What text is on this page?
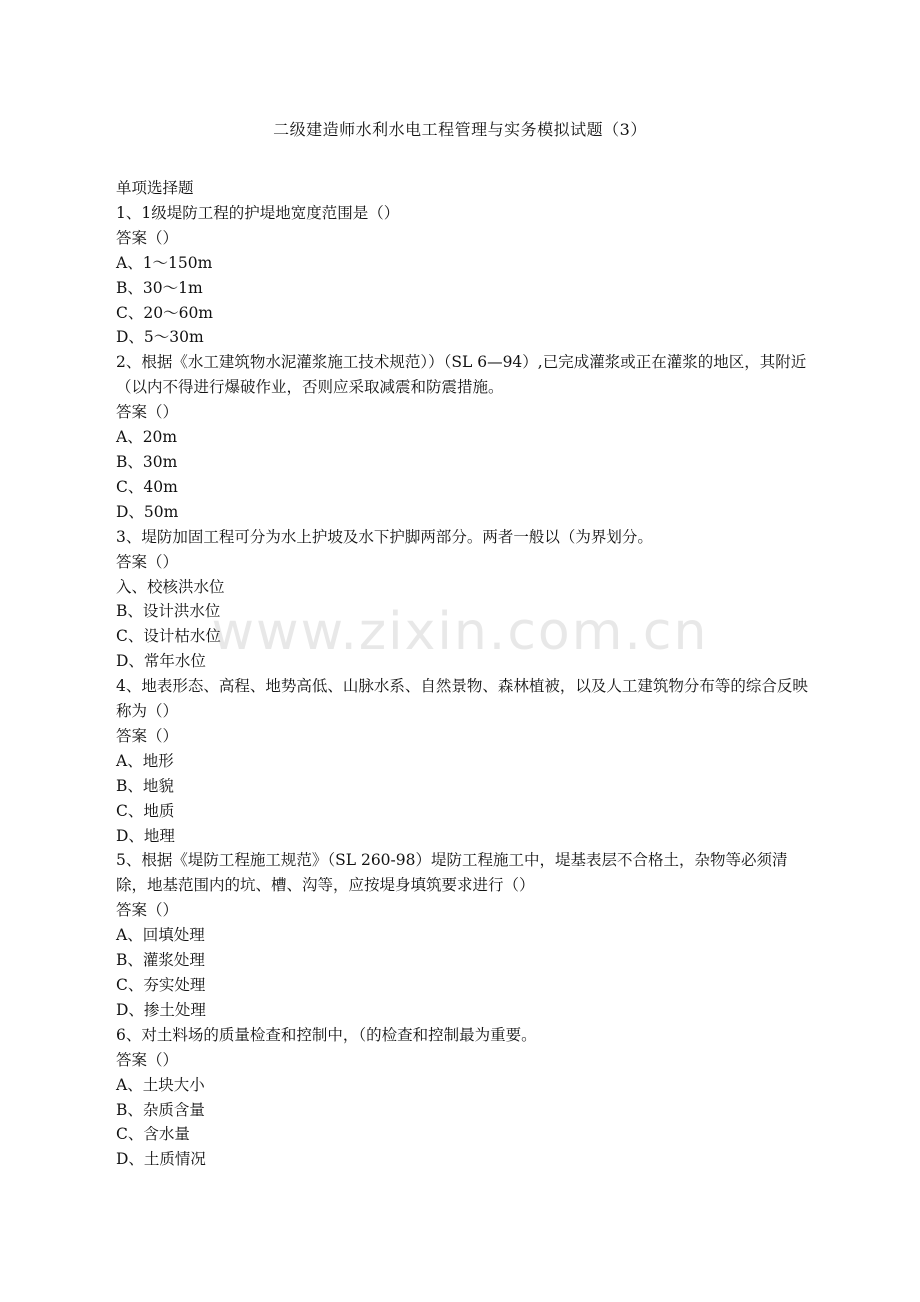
二级建造师水利水电工程管理与实务模拟试题（3）
单项选择题
1、1级堤防工程的护堤地宽度范围是（）
答案（）
A、1～150m
B、30～1m
C、20～60m
D、5～30m
2、根据《水工建筑物水泥灌浆施工技术规范））（SL 6—94）,已完成灌浆或正在灌浆的地区，其附近（以内不得进行爆破作业，否则应采取减震和防震措施。
答案（）
A、20m
B、30m
C、40m
D、50m
3、堤防加固工程可分为水上护坡及水下护脚两部分。两者一般以（为界划分。
答案（）
入、校核洪水位
B、设计洪水位
C、设计枯水位
D、常年水位
4、地表形态、高程、地势高低、山脉水系、自然景物、森林植被，以及人工建筑物分布等的综合反映称为（）
答案（）
A、地形
B、地貌
C、地质
D、地理
5、根据《堤防工程施工规范》（SL 260-98）堤防工程施工中，堤基表层不合格土，杂物等必须清除，地基范围内的坑、槽、沟等，应按堤身填筑要求进行（）
答案（）
A、回填处理
B、灌浆处理
C、夯实处理
D、掺土处理
6、对土料场的质量检查和控制中，（的检查和控制最为重要。
答案（）
A、土块大小
B、杂质含量
C、含水量
D、土质情况
www.zixin.com.cn
